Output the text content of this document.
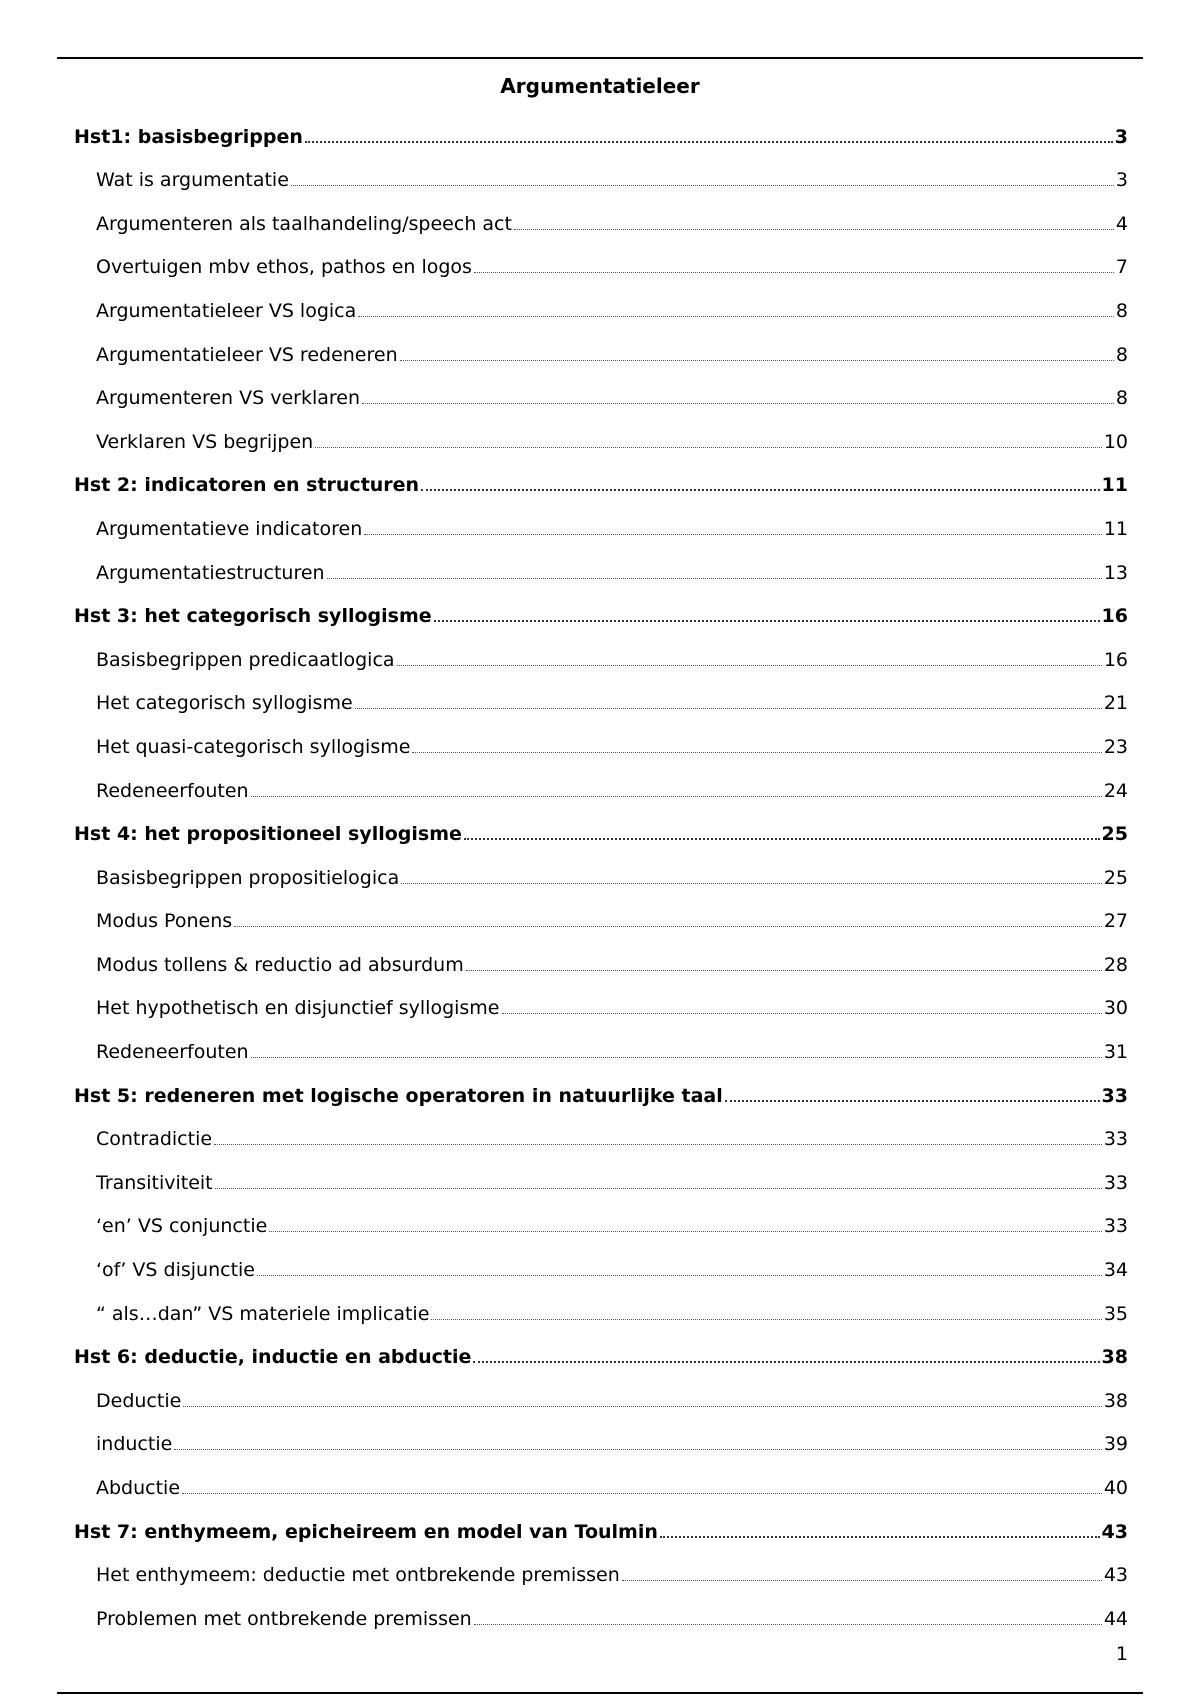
Argumentatieleer
Hst1: basisbegrippen	3
Wat is argumentatie	3
Argumenteren als taalhandeling/speech act	4
Overtuigen mbv ethos, pathos en logos	7
Argumentatieleer VS logica	8
Argumentatieleer VS redeneren	8
Argumenteren VS verklaren	8
Verklaren VS begrijpen	10
Hst 2: indicatoren en structuren	11
Argumentatieve indicatoren	11
Argumentatiestructuren	13
Hst 3: het categorisch syllogisme	16
Basisbegrippen predicaatlogica	16
Het categorisch syllogisme	21
Het quasi-categorisch syllogisme	23
Redeneerfouten	24
Hst 4: het propositioneel syllogisme	25
Basisbegrippen propositielogica	25
Modus Ponens	27
Modus tollens & reductio ad absurdum	28
Het hypothetisch en disjunctief syllogisme	30
Redeneerfouten	31
Hst 5: redeneren met logische operatoren in natuurlijke taal	33
Contradictie	33
Transitiviteit	33
‘en’ VS conjunctie	33
‘of’ VS disjunctie	34
“ als…dan” VS materiele implicatie	35
Hst 6: deductie, inductie en abductie	38
Deductie	38
inductie	39
Abductie	40
Hst 7: enthymeem, epicheireem en model van Toulmin	43
Het enthymeem: deductie met ontbrekende premissen	43
Problemen met ontbrekende premissen	44
1
